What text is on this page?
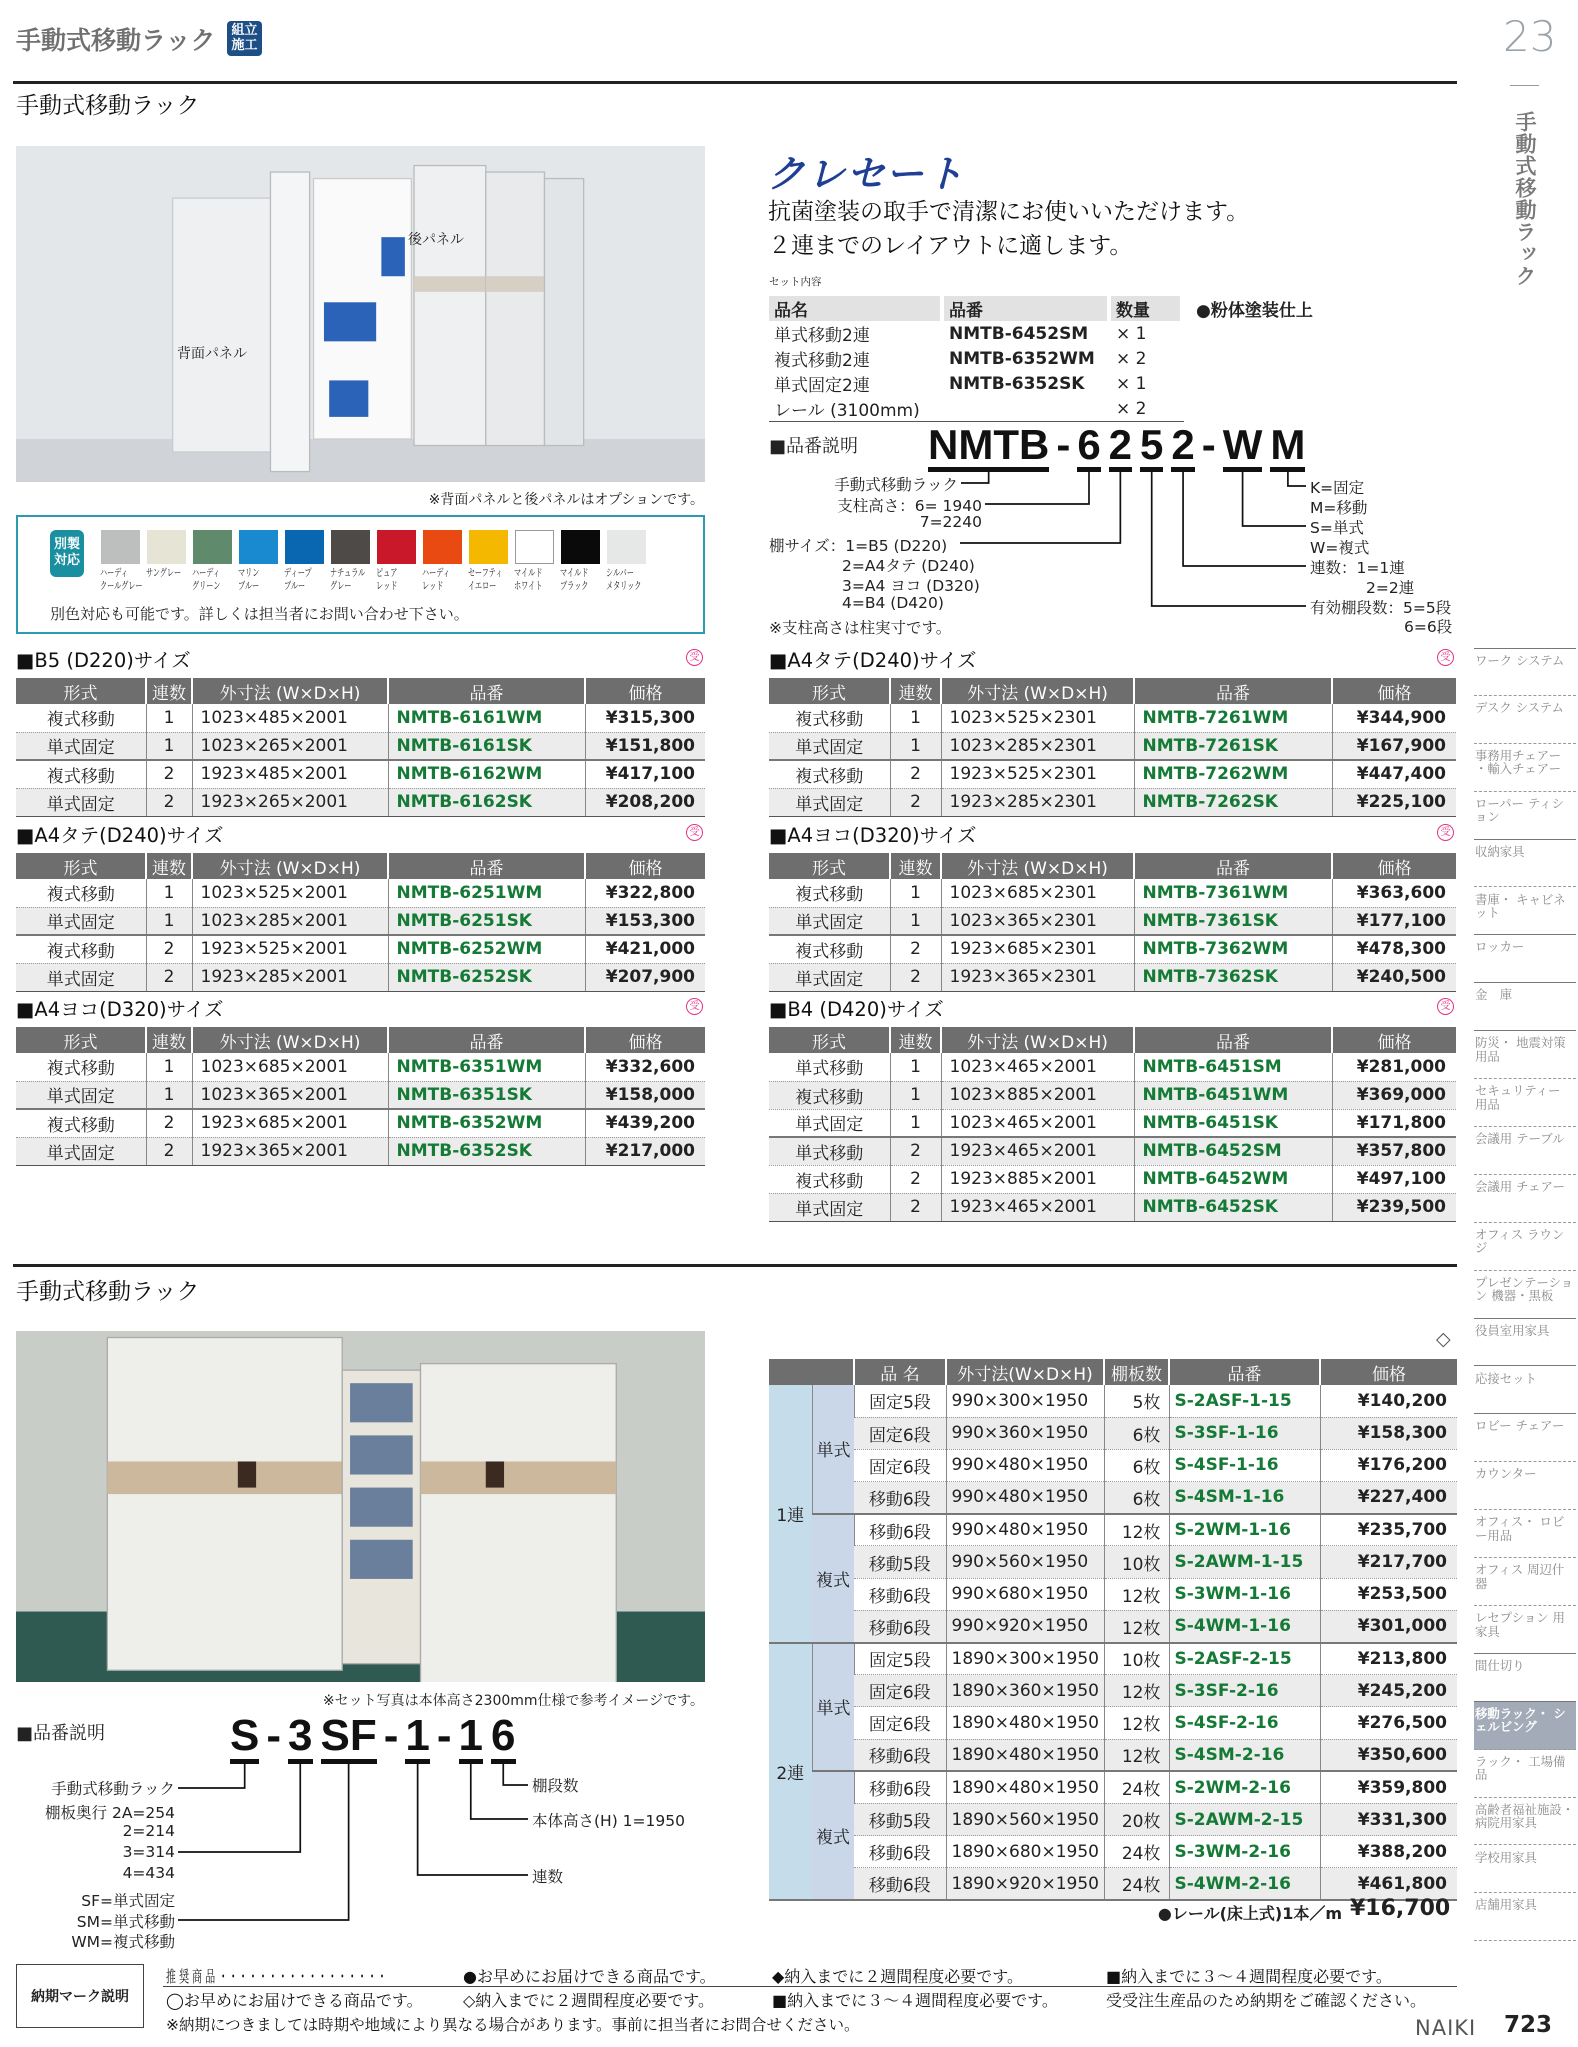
手動式移動ラック	組立 施工
手動式移動ラック
後パネル
背面パネル
※背面パネルと後パネルはオプションです。
別製 対応
ハーディ
クールグレー
サングレー	ハーディ
グリーン
マリン
ブルー
ディープ
ブルー
ナチュラル
グレー
ピュア
レッド
ハーディ
レッド
セーフティ
イエロー
マイルド
ホワイト
マイルド
ブラック
シルバー
メタリック
別色対応も可能です。詳しくは担当者にお問い合わせ下さい。
クレセート
抗菌塗装の取手で清潔にお使いいただけます。
２連までのレイアウトに適します。
セット内容
品名	品番	数量
単式移動2連	NMTB-6452SM	× 1
複式移動2連	NMTB-6352WM	× 2
単式固定2連	NMTB-6352SK	× 1
レール (3100mm)		× 2
●粉体塗装仕上
■品番説明 NMTB - 6 2 5 2 - W M
手動式移動ラック
支柱高さ：6= 1940
7=2240
棚サイズ：1=B5 (D220)
2=A4タテ (D240)
3=A4 ヨコ (D320)
4=B4 (D420)
※支柱高さは柱実寸です。
K=固定
M=移動
S=単式
W=複式
連数：1=1連
2=2連
有効棚段数：5=5段
6=6段
手動式移動ラック
※セット写真は本体高さ2300mm仕様で参考イメージです。
■品番説明	S - 3 SF - 1 - 1 6
手動式移動ラック
棚板奥行 2A=254
2=214
3=314
4=434
SF=単式固定
SM=単式移動
WM=複式移動
棚段数
本体高さ(H) 1=1950
連数
◇
		品 名	外寸法(W×D×H)	棚板数	品番	価格
1連	単式	固定5段	990×300×1950	5枚	S-2ASF-1-15	¥140,200
		固定6段	990×360×1950	6枚	S-3SF-1-16	¥158,300
		固定6段	990×480×1950	6枚	S-4SF-1-16	¥176,200
		移動6段	990×480×1950	6枚	S-4SM-1-16	¥227,400
	複式	移動6段	990×480×1950	12枚	S-2WM-1-16	¥235,700
		移動5段	990×560×1950	10枚	S-2AWM-1-15	¥217,700
		移動6段	990×680×1950	12枚	S-3WM-1-16	¥253,500
		移動6段	990×920×1950	12枚	S-4WM-1-16	¥301,000
2連	単式	固定5段	1890×300×1950	10枚	S-2ASF-2-15	¥213,800
		固定6段	1890×360×1950	12枚	S-3SF-2-16	¥245,200
		固定6段	1890×480×1950	12枚	S-4SF-2-16	¥276,500
		移動6段	1890×480×1950	12枚	S-4SM-2-16	¥350,600
	複式	移動6段	1890×480×1950	24枚	S-2WM-2-16	¥359,800
		移動5段	1890×560×1950	20枚	S-2AWM-2-15	¥331,300
		移動6段	1890×680×1950	24枚	S-3WM-2-16	¥388,200
		移動6段	1890×920×1950	24枚	S-4WM-2-16	¥461,800
●レール(床上式)1本／m ¥16,700
23
手動式移動ラック
納期マーク説明
推 奨 商 品 ・・・・・・・・・・・・・・・・・	●お早めにお届けできる商品です。	◆納入までに２週間程度必要です。	■納入までに３～４週間程度必要です。
◯お早めにお届けできる商品です。	◇納入までに２週間程度必要です。	■納入までに３～４週間程度必要です。	受受注生産品のため納期をご確認ください。
※納期につきましては時期や地域により異なる場合があります。事前に担当者にお問合せください。	NAIKI 723
■B5 (D220)サイズ	受
形式	連数	外寸法 (W×D×H)	品番	価格
複式移動	1	1023×485×2001	NMTB-6161WM	¥315,300
単式固定	1	1023×265×2001	NMTB-6161SK	¥151,800
複式移動	2	1923×485×2001	NMTB-6162WM	¥417,100
単式固定	2	1923×265×2001	NMTB-6162SK	¥208,200
■A4タテ(D240)サイズ	受
形式	連数	外寸法 (W×D×H)	品番	価格
複式移動	1	1023×525×2001	NMTB-6251WM	¥322,800
単式固定	1	1023×285×2001	NMTB-6251SK	¥153,300
複式移動	2	1923×525×2001	NMTB-6252WM	¥421,000
単式固定	2	1923×285×2001	NMTB-6252SK	¥207,900
■A4ヨコ(D320)サイズ	受
形式	連数	外寸法 (W×D×H)	品番	価格
複式移動	1	1023×685×2001	NMTB-6351WM	¥332,600
単式固定	1	1023×365×2001	NMTB-6351SK	¥158,000
複式移動	2	1923×685×2001	NMTB-6352WM	¥439,200
単式固定	2	1923×365×2001	NMTB-6352SK	¥217,000
■A4タテ(D240)サイズ	受
形式	連数	外寸法 (W×D×H)	品番	価格
複式移動	1	1023×525×2301	NMTB-7261WM	¥344,900
単式固定	1	1023×285×2301	NMTB-7261SK	¥167,900
複式移動	2	1923×525×2301	NMTB-7262WM	¥447,400
単式固定	2	1923×285×2301	NMTB-7262SK	¥225,100
■A4ヨコ(D320)サイズ	受
形式	連数	外寸法 (W×D×H)	品番	価格
複式移動	1	1023×685×2301	NMTB-7361WM	¥363,600
単式固定	1	1023×365×2301	NMTB-7361SK	¥177,100
複式移動	2	1923×685×2301	NMTB-7362WM	¥478,300
単式固定	2	1923×365×2301	NMTB-7362SK	¥240,500
■B4 (D420)サイズ	受
形式	連数	外寸法 (W×D×H)	品番	価格
単式移動	1	1023×465×2001	NMTB-6451SM	¥281,000
複式移動	1	1023×885×2001	NMTB-6451WM	¥369,000
単式固定	1	1023×465×2001	NMTB-6451SK	¥171,800
単式移動	2	1923×465×2001	NMTB-6452SM	¥357,800
複式移動	2	1923×885×2001	NMTB-6452WM	¥497,100
単式固定	2	1923×465×2001	NMTB-6452SK	¥239,500
ワーク システム
デスク システム
事務用チェアー ・輸入チェアー
ローパー ティション
収納家具
書庫・ キャビネット
ロッカー
金　庫
防災・ 地震対策用品
セキュリティー 用品
会議用 テーブル
会議用 チェアー
オフィス ラウンジ
プレゼンテーション 機器・黒板
役員室用家具
応接セット
ロビー チェアー
カウンター
オフィス・ ロビー用品
オフィス 周辺什器
レセプション 用家具
間仕切り
移動ラック・ シェルビング
ラック・ 工場備品
高齢者福祉施設・ 病院用家具
学校用家具
店舗用家具
